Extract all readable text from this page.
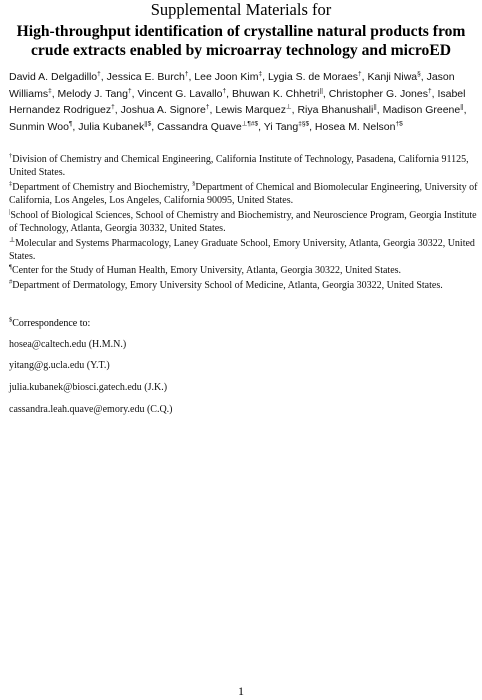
Supplemental Materials for
High-throughput identification of crystalline natural products from crude extracts enabled by microarray technology and microED
David A. Delgadillo†, Jessica E. Burch†, Lee Joon Kim‡, Lygia S. de Moraes†, Kanji Niwa§, Jason Williams‡, Melody J. Tang†, Vincent G. Lavallo†, Bhuwan K. Chhetri||, Christopher G. Jones†, Isabel Hernandez Rodriguez†, Joshua A. Signore†, Lewis Marquez⊥, Riya Bhanushali||, Madison Greene||, Sunmin Woo¶, Julia Kubanek||$, Cassandra Quave⊥¶#$, Yi Tang‡§$, Hosea M. Nelson†$
†Division of Chemistry and Chemical Engineering, California Institute of Technology, Pasadena, California 91125, United States.
‡Department of Chemistry and Biochemistry, §Department of Chemical and Biomolecular Engineering, University of California, Los Angeles, Los Angeles, California 90095, United States.
|School of Biological Sciences, School of Chemistry and Biochemistry, and Neuroscience Program, Georgia Institute of Technology, Atlanta, Georgia 30332, United States.
⊥Molecular and Systems Pharmacology, Laney Graduate School, Emory University, Atlanta, Georgia 30322, United States.
¶Center for the Study of Human Health, Emory University, Atlanta, Georgia 30322, United States.
#Department of Dermatology, Emory University School of Medicine, Atlanta, Georgia 30322, United States.
$Correspondence to:
hosea@caltech.edu (H.M.N.)
yitang@g.ucla.edu (Y.T.)
julia.kubanek@biosci.gatech.edu (J.K.)
cassandra.leah.quave@emory.edu (C.Q.)
1
